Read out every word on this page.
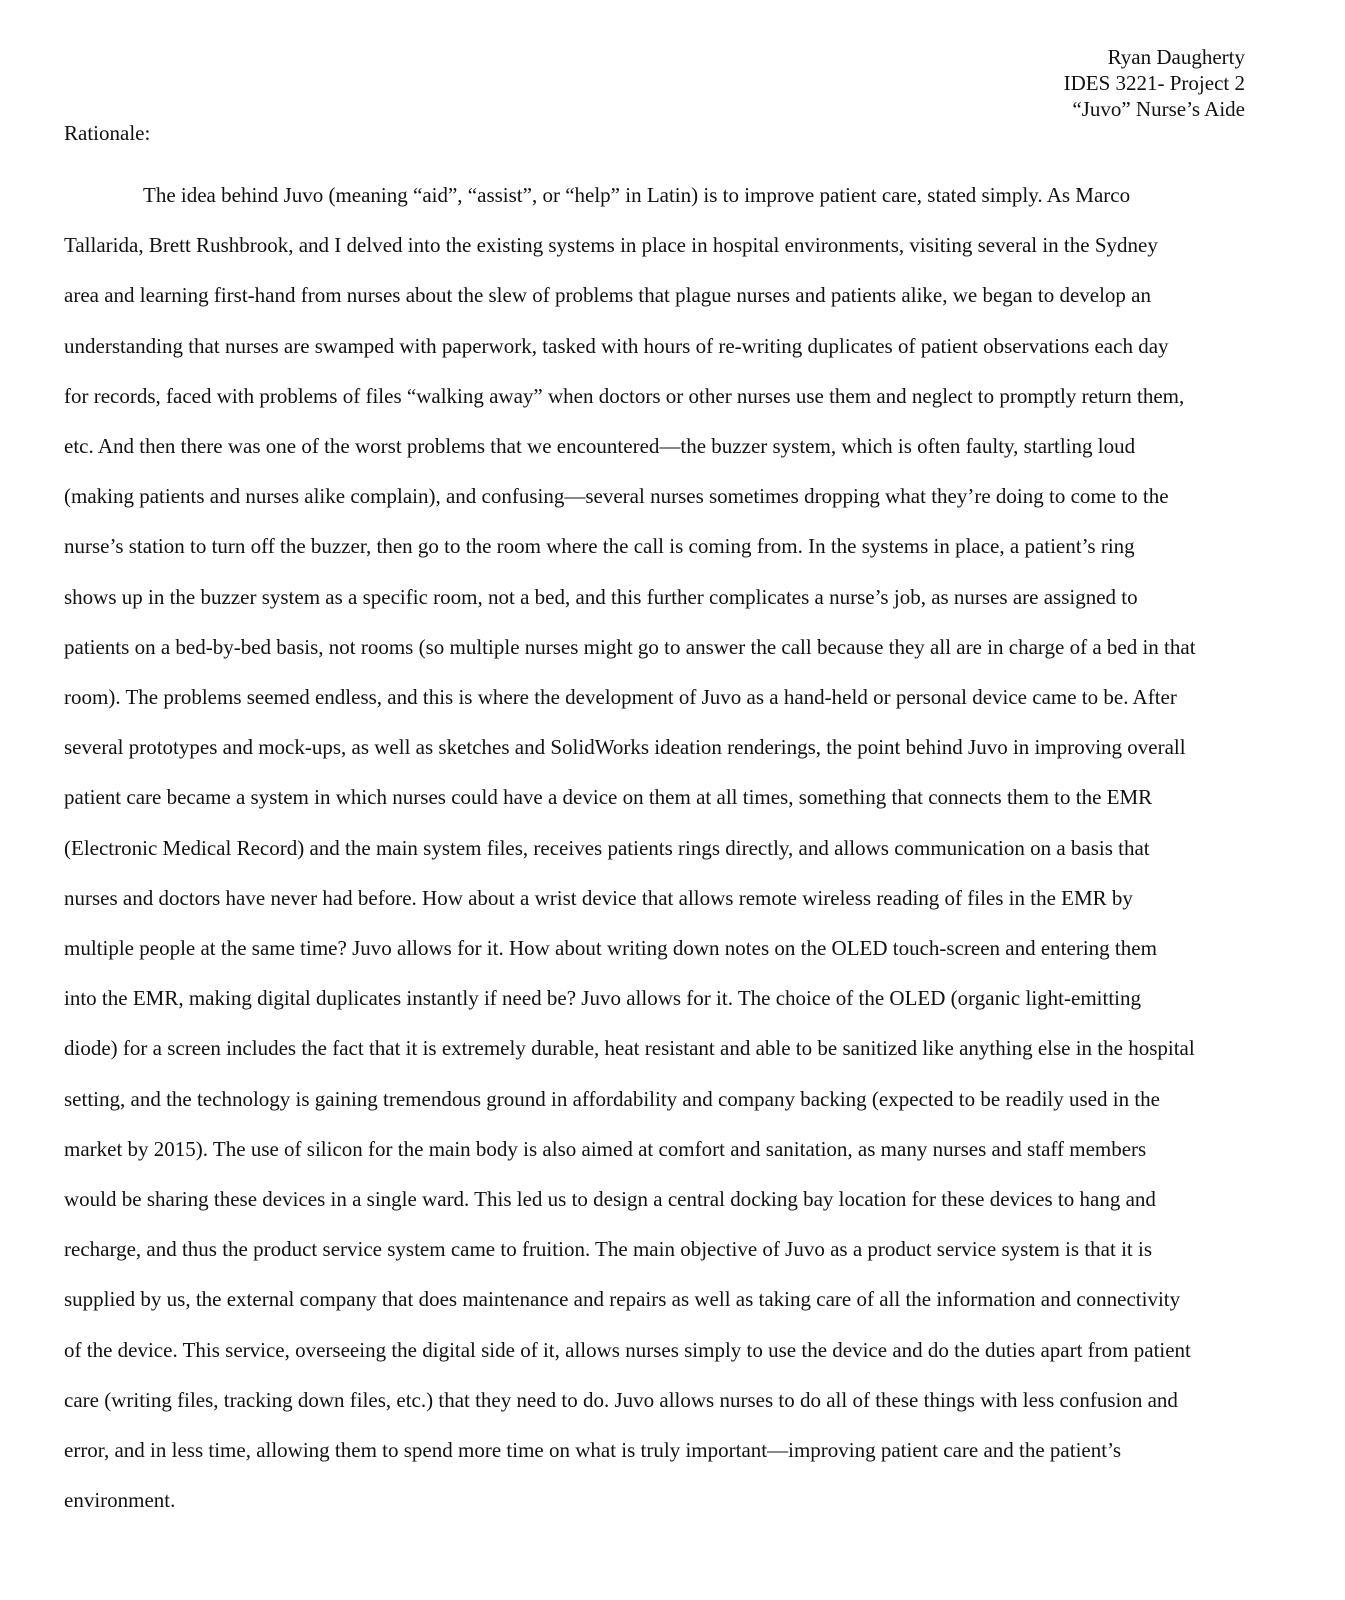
Ryan Daugherty
IDES 3221- Project 2
“Juvo” Nurse’s Aide
Rationale:
The idea behind Juvo (meaning “aid”, “assist”, or “help” in Latin) is to improve patient care, stated simply. As Marco
Tallarida, Brett Rushbrook, and I delved into the existing systems in place in hospital environments, visiting several in the Sydney
area and learning first-hand from nurses about the slew of problems that plague nurses and patients alike, we began to develop an
understanding that nurses are swamped with paperwork, tasked with hours of re-writing duplicates of patient observations each day
for records, faced with problems of files “walking away” when doctors or other nurses use them and neglect to promptly return them,
etc. And then there was one of the worst problems that we encountered—the buzzer system, which is often faulty, startling loud
(making patients and nurses alike complain), and confusing—several nurses sometimes dropping what they’re doing to come to the
nurse’s station to turn off the buzzer, then go to the room where the call is coming from. In the systems in place, a patient’s ring
shows up in the buzzer system as a specific room, not a bed, and this further complicates a nurse’s job, as nurses are assigned to
patients on a bed-by-bed basis, not rooms (so multiple nurses might go to answer the call because they all are in charge of a bed in that
room). The problems seemed endless, and this is where the development of Juvo as a hand-held or personal device came to be. After
several prototypes and mock-ups, as well as sketches and SolidWorks ideation renderings, the point behind Juvo in improving overall
patient care became a system in which nurses could have a device on them at all times, something that connects them to the EMR
(Electronic Medical Record) and the main system files, receives patients rings directly, and allows communication on a basis that
nurses and doctors have never had before. How about a wrist device that allows remote wireless reading of files in the EMR by
multiple people at the same time? Juvo allows for it. How about writing down notes on the OLED touch-screen and entering them
into the EMR, making digital duplicates instantly if need be? Juvo allows for it. The choice of the OLED (organic light-emitting
diode) for a screen includes the fact that it is extremely durable, heat resistant and able to be sanitized like anything else in the hospital
setting, and the technology is gaining tremendous ground in affordability and company backing (expected to be readily used in the
market by 2015). The use of silicon for the main body is also aimed at comfort and sanitation, as many nurses and staff members
would be sharing these devices in a single ward. This led us to design a central docking bay location for these devices to hang and
recharge, and thus the product service system came to fruition. The main objective of Juvo as a product service system is that it is
supplied by us, the external company that does maintenance and repairs as well as taking care of all the information and connectivity
of the device. This service, overseeing the digital side of it, allows nurses simply to use the device and do the duties apart from patient
care (writing files, tracking down files, etc.) that they need to do. Juvo allows nurses to do all of these things with less confusion and
error, and in less time, allowing them to spend more time on what is truly important—improving patient care and the patient’s
environment.
